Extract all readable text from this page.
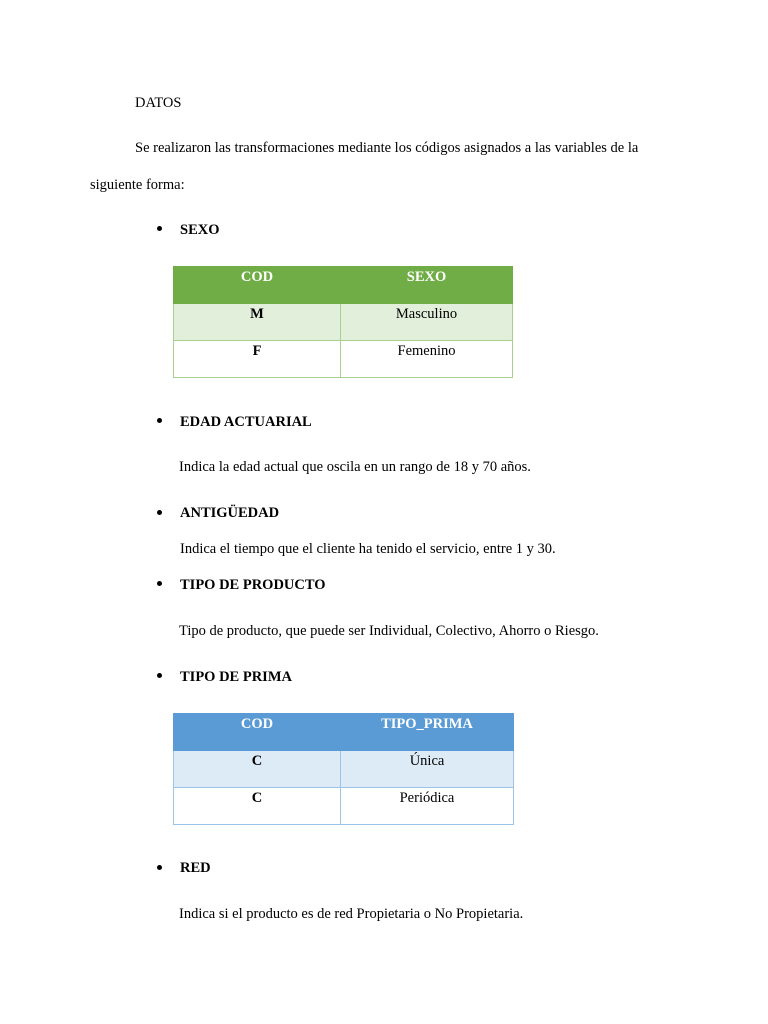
DATOS
Se realizaron las transformaciones mediante los códigos asignados a las variables de la
siguiente forma:
SEXO
COD	SEXO
M	Masculino
F	Femenino
EDAD ACTUARIAL
Indica la edad actual que oscila en un rango de 18 y 70 años.
ANTIGÜEDAD
Indica el tiempo que el cliente ha tenido el servicio, entre 1 y 30.
TIPO DE PRODUCTO
Tipo de producto, que puede ser Individual, Colectivo, Ahorro o Riesgo.
TIPO DE PRIMA
COD	TIPO_PRIMA
C	Única
C	Periódica
RED
Indica si el producto es de red Propietaria o No Propietaria.
